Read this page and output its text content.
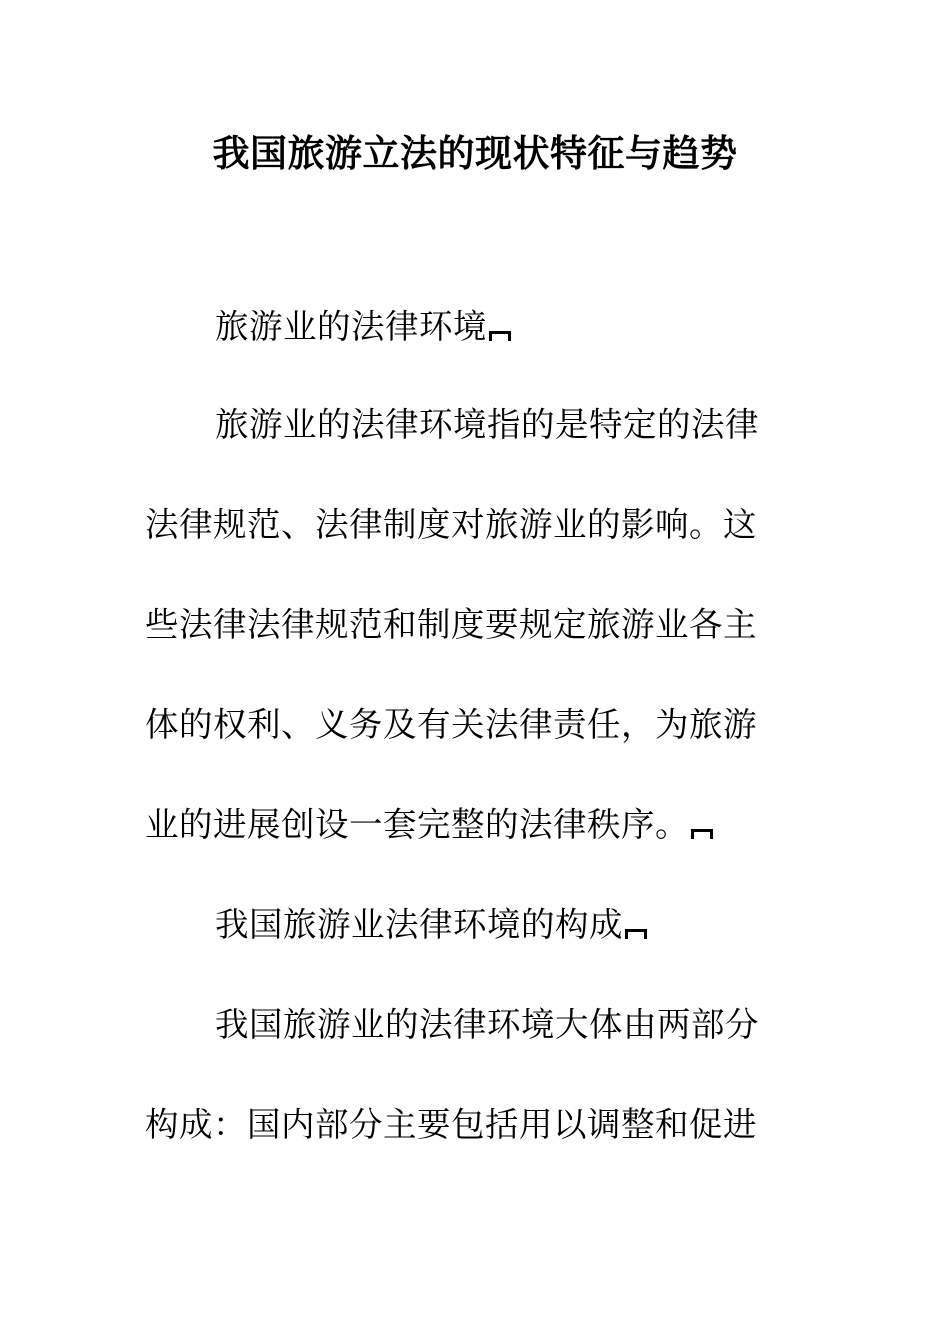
我国旅游立法的现状特征与趋势
旅游业的法律环境
旅游业的法律环境指的是特定的法律
法律规范、法律制度对旅游业的影响。这
些法律法律规范和制度要规定旅游业各主
体的权利、义务及有关法律责任，为旅游
业的进展创设一套完整的法律秩序。
我国旅游业法律环境的构成
我国旅游业的法律环境大体由两部分
构成：国内部分主要包括用以调整和促进
